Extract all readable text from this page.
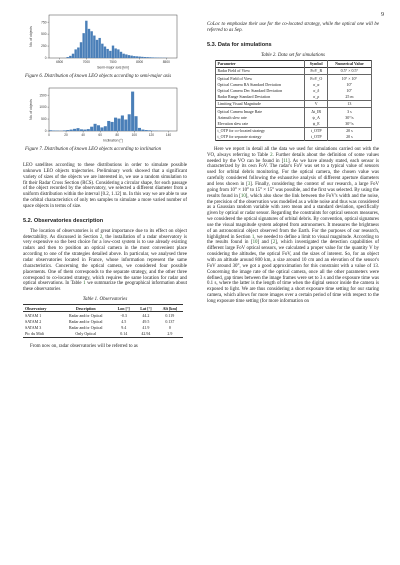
9
6500	7000	7500	8000	8500
0
250
500
750
Semi-major axis [km]
Nb. of objects

Figure 6. Distribution of known LEO objects according to semi-major axis

0	20	40	60	80	100	120	140
0
500
1000
1500
Inclination [°]
Nb. of objects

Figure 7. Distribution of known LEO objects according to inclination

LEO satellites according to these distributions in order to simulate possible unknown LEO objects trajectories. Preliminary work showed that a significant variety of sizes of the objects we are interested in, we use a random simulation to fit their Radar Cross Section (RCS). Considering a circular shape, for each passage of the object recorded by the observatory, we selected a different diameter from a uniform distribution within the interval [0.2, 1.12] m. In this way we are able to use the orbital characteristics of only ten samples to simulate a more varied number of space objects in terms of size.

5.2. Observatories description

The location of observatories is of great importance due to its effect on object detectability. As discussed in Section 2, the installation of a radar observatory is very expensive so the best choice for a low-cost system is to use already existing radars and then to position an optical camera in the most convenient place according to one of the strategies detailed above. In particular, we analysed three radar observatories located in France, whose information represent the same characteristics. Concerning the optical camera, we considered four possible placements. One of them corresponds to the separate strategy, and the other three correspond to co-located strategy, which requires the same location for radar and optical observations. In Table 1 we summarize the geographical information about these observatories

Table 1. Observatories
Observatory	Description	Lon [°]	Lat [°]	Alt [km]
SATAM 1	Radar and/or Optical	-0.3	44.2	0.119
SATAM 2	Radar and/or Optical	4.5	49.5	0.137
SATAM 3	Radar and/or Optical	9.4	41.9	0
Pic du Midi	Only Optical	0.14	42.94	2.9

From now on, radar observatories will be referred to as

CoLoc to emphasize their use for the co-located strategy, while the optical one will be referred to as Sep.

5.3. Data for simulations
Table 2. Data set for simulations
Parameter	Symbol	Numerical Value
Radar Field of View	FoV_R	0.5° × 0.5°
Optical Field of View	FoV_O	10° × 10°
Optical Camera RA Standard Deviation	σ_α	10"
Optical Camera Dec Standard Deviation	σ_δ	10"
Radar Range Standard Deviation	σ_ρ	25 m
Limiting Visual Magnitude	V	13
Optical Camera Image Rate	Δt_IR	3 s
Azimuth slew rate	ψ_A	30°/s
Elevation slew rate	ψ_E	30°/s
t_OTP for co-located strategy	t_OTP	20 s
t_OTP for separate strategy	t_OTP	20 s

Here we report in detail all the data we used for simulations carried out with the VO, always referring to Table 2. Further details about the definition of some values needed by the VO can be found in [11]. As we have already stated, each sensor is characterized by its own FoV. The radar's FoV was set to a typical value of sensors used for orbital debris monitoring. For the optical camera, the chosen value was carefully considered following the exhaustive analysis of different aperture diameters and lens shown in [3]. Finally, considering the context of our research, a large FoV going from 10° × 10° to 15° × 15° was possible, and the first was selected. By using the results found in [10], which also show the link between the FoV's width and the noise, the precision of the observation was modelled as a white noise and thus was considered as a Gaussian random variable with zero mean and a standard deviation, specifically given by optical or radar sensor. Regarding the constraints for optical sensors measures, we considered the optical signatures of orbital debris. By convention, optical signatures use the visual magnitude system adopted from astronomers. It measures the brightness of an astronomical object observed from the Earth. For the purposes of our research, highlighted in Section 1, we needed to define a limit to visual magnitude. According to the results found in [10] and [2], which investigated the detection capabilities of different large FoV optical sensors, we calculated a proper value for the quantity V by considering the altitudes, the optical FoV, and the sizes of interest. So, for an object with an altitude around 800 km, a size around 10 cm and an elevation of the sensor's FoV around 30°, we got a good approximation for this constraint with a value of 13. Concerning the image rate of the optical camera, once all the other parameters were defined, gap times between the image frames were set to 3 s and the exposure time was 0.1 s, where the latter is the length of time when the digital sensor inside the camera is exposed to light. We are thus considering a short exposure time setting for our staring camera, which allows for more images over a certain period of time with respect to the long exposure time setting (for more information on
